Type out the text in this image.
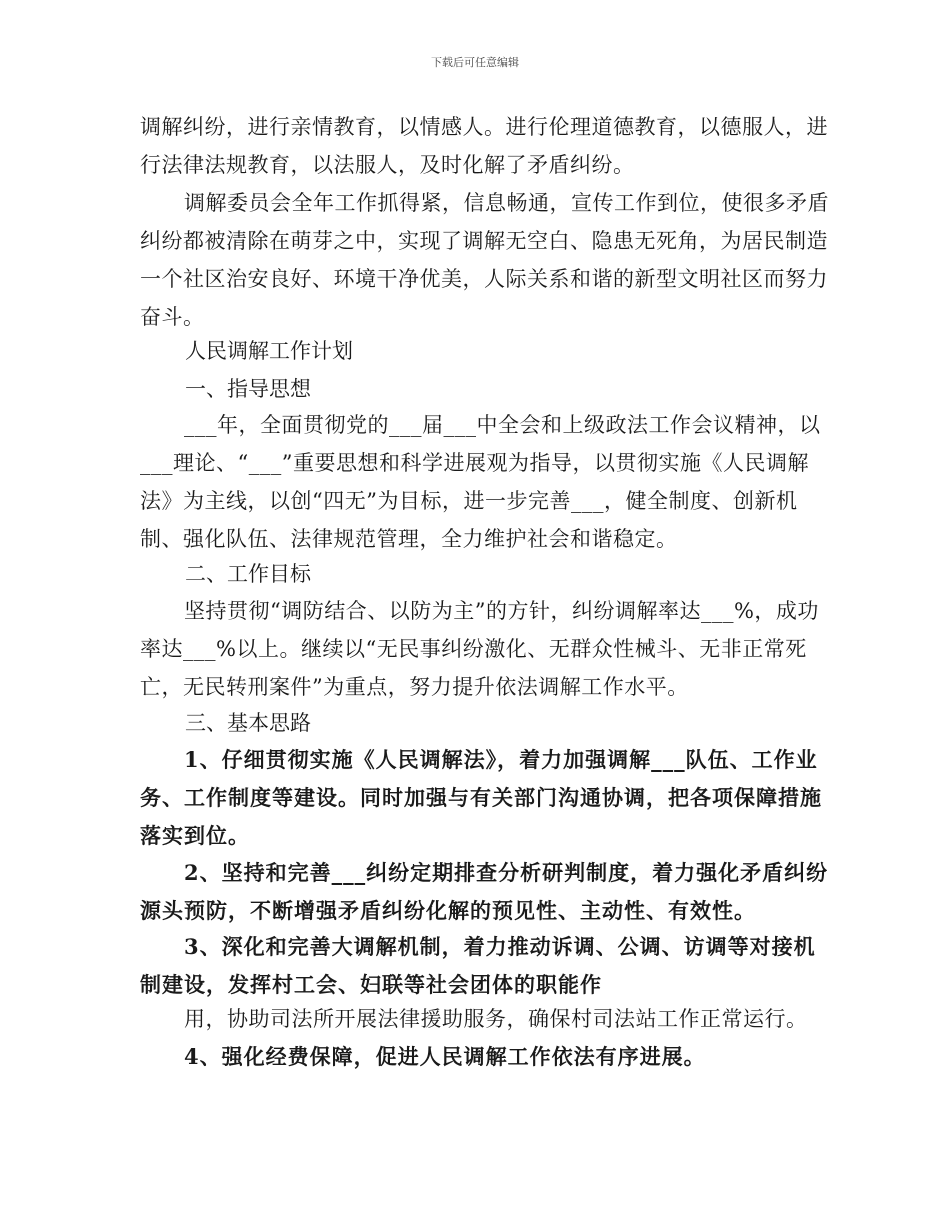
下载后可任意编辑

调解纠纷，进行亲情教育，以情感人。进行伦理道德教育，以德服人，进行法律法规教育，以法服人，及时化解了矛盾纠纷。

调解委员会全年工作抓得紧，信息畅通，宣传工作到位，使很多矛盾纠纷都被清除在萌芽之中，实现了调解无空白、隐患无死角，为居民制造一个社区治安良好、环境干净优美，人际关系和谐的新型文明社区而努力奋斗。

人民调解工作计划

一、指导思想

___年，全面贯彻党的___届___中全会和上级政法工作会议精神，以___理论、“___”重要思想和科学进展观为指导，以贯彻实施《人民调解法》为主线，以创“四无”为目标，进一步完善___，健全制度、创新机制、强化队伍、法律规范管理，全力维护社会和谐稳定。

二、工作目标

坚持贯彻“调防结合、以防为主”的方针，纠纷调解率达___%，成功率达___%以上。继续以“无民事纠纷激化、无群众性械斗、无非正常死亡，无民转刑案件”为重点，努力提升依法调解工作水平。

三、基本思路

1、仔细贯彻实施《人民调解法》，着力加强调解___队伍、工作业务、工作制度等建设。同时加强与有关部门沟通协调，把各项保障措施落实到位。

2、坚持和完善___纠纷定期排查分析研判制度，着力强化矛盾纠纷源头预防，不断增强矛盾纠纷化解的预见性、主动性、有效性。

3、深化和完善大调解机制，着力推动诉调、公调、访调等对接机制建设，发挥村工会、妇联等社会团体的职能作

用，协助司法所开展法律援助服务，确保村司法站工作正常运行。

4、强化经费保障，促进人民调解工作依法有序进展。
